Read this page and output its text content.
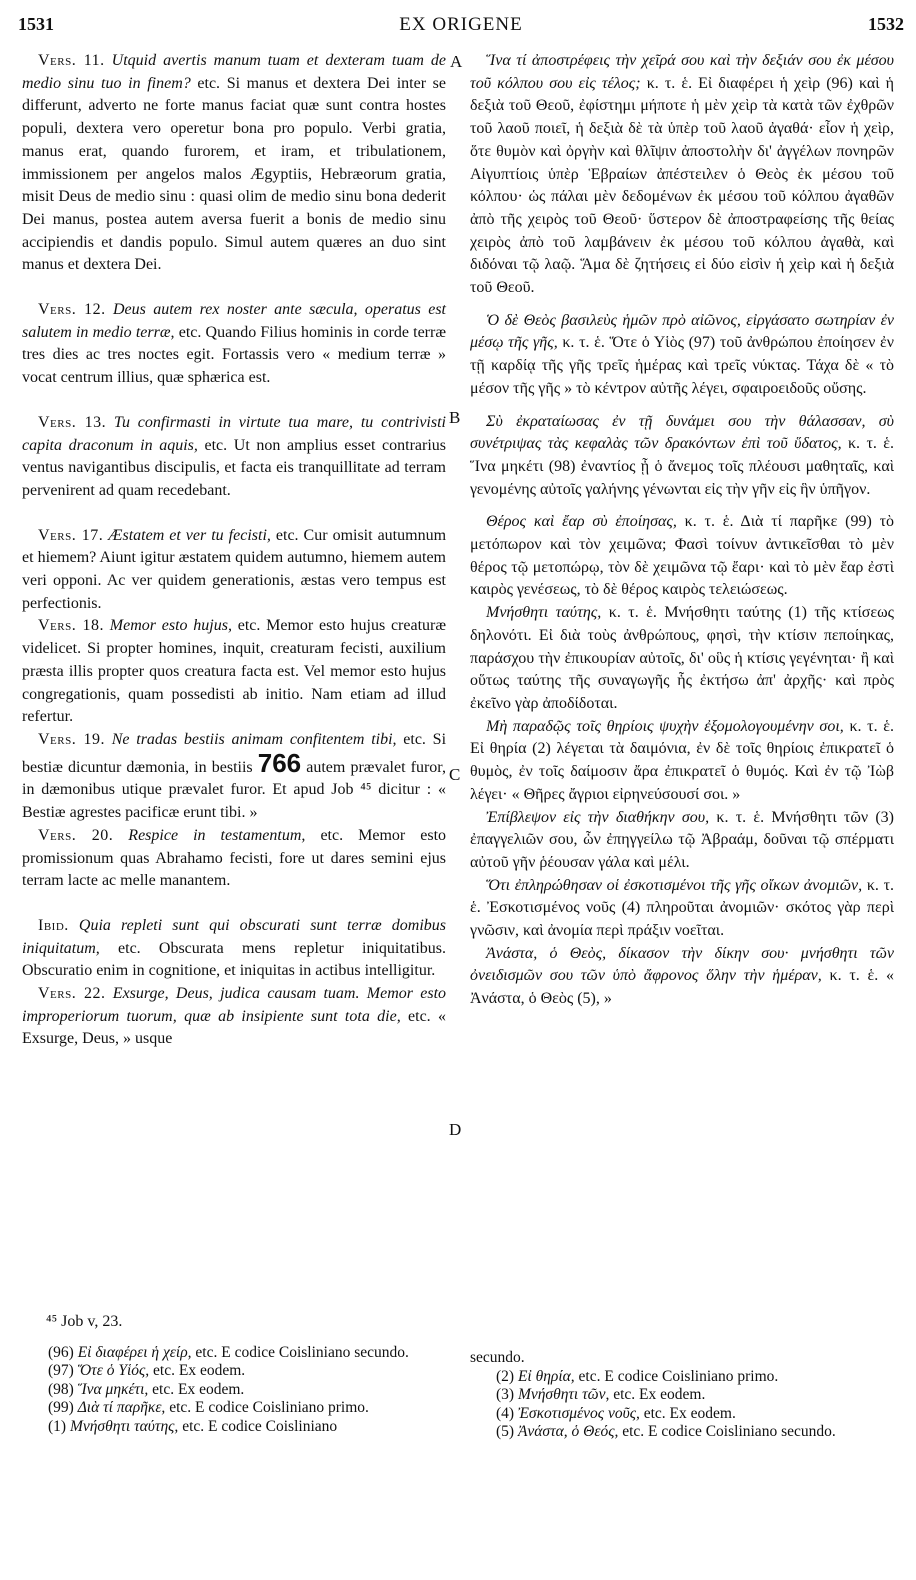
1531	EX ORIGENE	1532
A
B
C
D

Vers. 11. Utquid avertis manum tuam et dexteram tuam de medio sinu tuo in finem? etc. Si manus et dextera Dei inter se differunt, adverto ne forte manus faciat quæ sunt contra hostes populi, dextera vero operetur bona pro populo. Verbi gratia, manus erat, quando furorem, et iram, et tribulationem, immissionem per angelos malos Ægyptiis, Hebræorum gratia, misit Deus de medio sinu : quasi olim de medio sinu bona dederit Dei manus, postea autem aversa fuerit a bonis de medio sinu accipiendis et dandis populo. Simul autem quæres an duo sint manus et dextera Dei.

Vers. 12. Deus autem rex noster ante sæcula, operatus est salutem in medio terræ, etc. Quando Filius hominis in corde terræ tres dies ac tres noctes egit. Fortassis vero « medium terræ » vocat centrum illius, quæ sphærica est.

Vers. 13. Tu confirmasti in virtute tua mare, tu contrivisti capita draconum in aquis, etc. Ut non amplius esset contrarius ventus navigantibus discipulis, et facta eis tranquillitate ad terram pervenirent ad quam recedebant.

Vers. 17. Æstatem et ver tu fecisti, etc. Cur omisit autumnum et hiemem? Aiunt igitur æstatem quidem autumno, hiemem autem veri opponi. Ac ver quidem generationis, æstas vero tempus est perfectionis.

Vers. 18. Memor esto hujus, etc. Memor esto hujus creaturæ videlicet. Si propter homines, inquit, creaturam fecisti, auxilium præsta illis propter quos creatura facta est. Vel memor esto hujus congregationis, quam possedisti ab initio. Nam etiam ad illud refertur.

Vers. 19. Ne tradas bestiis animam confitentem tibi, etc. Si bestiæ dicuntur dæmonia, in bestiis 766 autem prævalet furor, in dæmonibus utique prævalet furor. Et apud Job ⁴⁵ dicitur : « Bestiæ agrestes pacificæ erunt tibi. »

Vers. 20. Respice in testamentum, etc. Memor esto promissionum quas Abrahamo fecisti, fore ut dares semini ejus terram lacte ac melle manantem.

Ibid. Quia repleti sunt qui obscurati sunt terræ domibus iniquitatum, etc. Obscurata mens repletur iniquitatibus. Obscuratio enim in cognitione, et iniquitas in actibus intelligitur.

Vers. 22. Exsurge, Deus, judica causam tuam. Memor esto improperiorum tuorum, quæ ab insipiente sunt tota die, etc. « Exsurge, Deus, » usque

Ἵνα τί ἀποστρέφεις τὴν χεῖρά σου καὶ τὴν δεξιάν σου ἐκ μέσου τοῦ κόλπου σου εἰς τέλος; κ. τ. ἑ. Εἰ διαφέρει ἡ χεὶρ (96) καὶ ἡ δεξιὰ τοῦ Θεοῦ, ἐφίστημι μήποτε ἡ μὲν χεὶρ τὰ κατὰ τῶν ἐχθρῶν τοῦ λαοῦ ποιεῖ, ἡ δεξιὰ δὲ τὰ ὑπὲρ τοῦ λαοῦ ἀγαθά· εἶον ἡ χεὶρ, ὅτε θυμὸν καὶ ὀργὴν καὶ θλῖψιν ἀποστολὴν δι' ἀγγέλων πονηρῶν Αἰγυπτίοις ὑπὲρ Ἑβραίων ἀπέστειλεν ὁ Θεὸς ἐκ μέσου τοῦ κόλπου· ὡς πάλαι μὲν δεδομένων ἐκ μέσου τοῦ κόλπου ἀγαθῶν ἀπὸ τῆς χειρὸς τοῦ Θεοῦ· ὕστερον δὲ ἀποστραφείσης τῆς θείας χειρὸς ἀπὸ τοῦ λαμβάνειν ἐκ μέσου τοῦ κόλπου ἀγαθὰ, καὶ διδόναι τῷ λαῷ. Ἅμα δὲ ζητήσεις εἰ δύο εἰσὶν ἡ χεὶρ καὶ ἡ δεξιὰ τοῦ Θεοῦ.

Ὁ δὲ Θεὸς βασιλεὺς ἡμῶν πρὸ αἰῶνος, εἰργάσατο σωτηρίαν ἐν μέσῳ τῆς γῆς, κ. τ. ἑ. Ὅτε ὁ Υἱὸς (97) τοῦ ἀνθρώπου ἐποίησεν ἐν τῇ καρδίᾳ τῆς γῆς τρεῖς ἡμέρας καὶ τρεῖς νύκτας. Τάχα δὲ « τὸ μέσον τῆς γῆς » τὸ κέντρον αὐτῆς λέγει, σφαιροειδοῦς οὔσης.

Σὺ ἐκραταίωσας ἐν τῇ δυνάμει σου τὴν θάλασσαν, σὺ συνέτριψας τὰς κεφαλὰς τῶν δρακόντων ἐπὶ τοῦ ὕδατος, κ. τ. ἑ. Ἵνα μηκέτι (98) ἐναντίος ᾖ ὁ ἄνεμος τοῖς πλέουσι μαθηταῖς, καὶ γενομένης αὐτοῖς γαλήνης γένωνται εἰς τὴν γῆν εἰς ἣν ὑπῆγον.

Θέρος καὶ ἔαρ σὺ ἐποίησας, κ. τ. ἑ. Διὰ τί παρῆκε (99) τὸ μετόπωρον καὶ τὸν χειμῶνα; Φασὶ τοίνυν ἀντικεῖσθαι τὸ μὲν θέρος τῷ μετοπώρῳ, τὸν δὲ χειμῶνα τῷ ἔαρι· καὶ τὸ μὲν ἔαρ ἐστὶ καιρὸς γενέσεως, τὸ δὲ θέρος καιρὸς τελειώσεως.

Μνήσθητι ταύτης, κ. τ. ἑ. Μνήσθητι ταύτης (1) τῆς κτίσεως δηλονότι. Εἰ διὰ τοὺς ἀνθρώπους, φησὶ, τὴν κτίσιν πεποίηκας, παράσχου τὴν ἐπικουρίαν αὐτοῖς, δι' οὓς ἡ κτίσις γεγένηται· ἢ καὶ οὕτως ταύτης τῆς συναγωγῆς ἧς ἐκτήσω ἀπ' ἀρχῆς· καὶ πρὸς ἐκεῖνο γὰρ ἀποδίδοται.

Μὴ παραδῷς τοῖς θηρίοις ψυχὴν ἐξομολογουμένην σοι, κ. τ. ἑ. Εἰ θηρία (2) λέγεται τὰ δαιμόνια, ἐν δὲ τοῖς θηρίοις ἐπικρατεῖ ὁ θυμὸς, ἐν τοῖς δαίμοσιν ἄρα ἐπικρατεῖ ὁ θυμός. Καὶ ἐν τῷ Ἰὼβ λέγει· « Θῆρες ἄγριοι εἰρηνεύσουσί σοι. »

Ἐπίβλεψον εἰς τὴν διαθήκην σου, κ. τ. ἑ. Μνήσθητι τῶν (3) ἐπαγγελιῶν σου, ὧν ἐπηγγείλω τῷ Ἀβραάμ, δοῦναι τῷ σπέρματι αὐτοῦ γῆν ῥέουσαν γάλα καὶ μέλι.

Ὅτι ἐπληρώθησαν οἱ ἐσκοτισμένοι τῆς γῆς οἴκων ἀνομιῶν, κ. τ. ἑ. Ἐσκοτισμένος νοῦς (4) πληροῦται ἀνομιῶν· σκότος γὰρ περὶ γνῶσιν, καὶ ἀνομία περὶ πράξιν νοεῖται.

Ἀνάστα, ὁ Θεὸς, δίκασον τὴν δίκην σου· μνήσθητι τῶν ὀνειδισμῶν σου τῶν ὑπὸ ἄφρονος ὅλην τὴν ἡμέραν, κ. τ. ἑ. « Ἀνάστα, ὁ Θεὸς (5), »

⁴⁵ Job v, 23.

(96) Εἰ διαφέρει ἡ χείρ, etc. E codice Coisliniano secundo.

(97) Ὅτε ὁ Υἱός, etc. Ex eodem.

(98) Ἵνα μηκέτι, etc. Ex eodem.

(99) Διὰ τί παρῆκε, etc. E codice Coisliniano primo.

(1) Μνήσθητι ταύτης, etc. E codice Coisliniano

secundo.

(2) Εἰ θηρία, etc. E codice Coisliniano primo.

(3) Μνήσθητι τῶν, etc. Ex eodem.

(4) Ἐσκοτισμένος νοῦς, etc. Ex eodem.

(5) Ἀνάστα, ὁ Θεός, etc. E codice Coisliniano secundo.
